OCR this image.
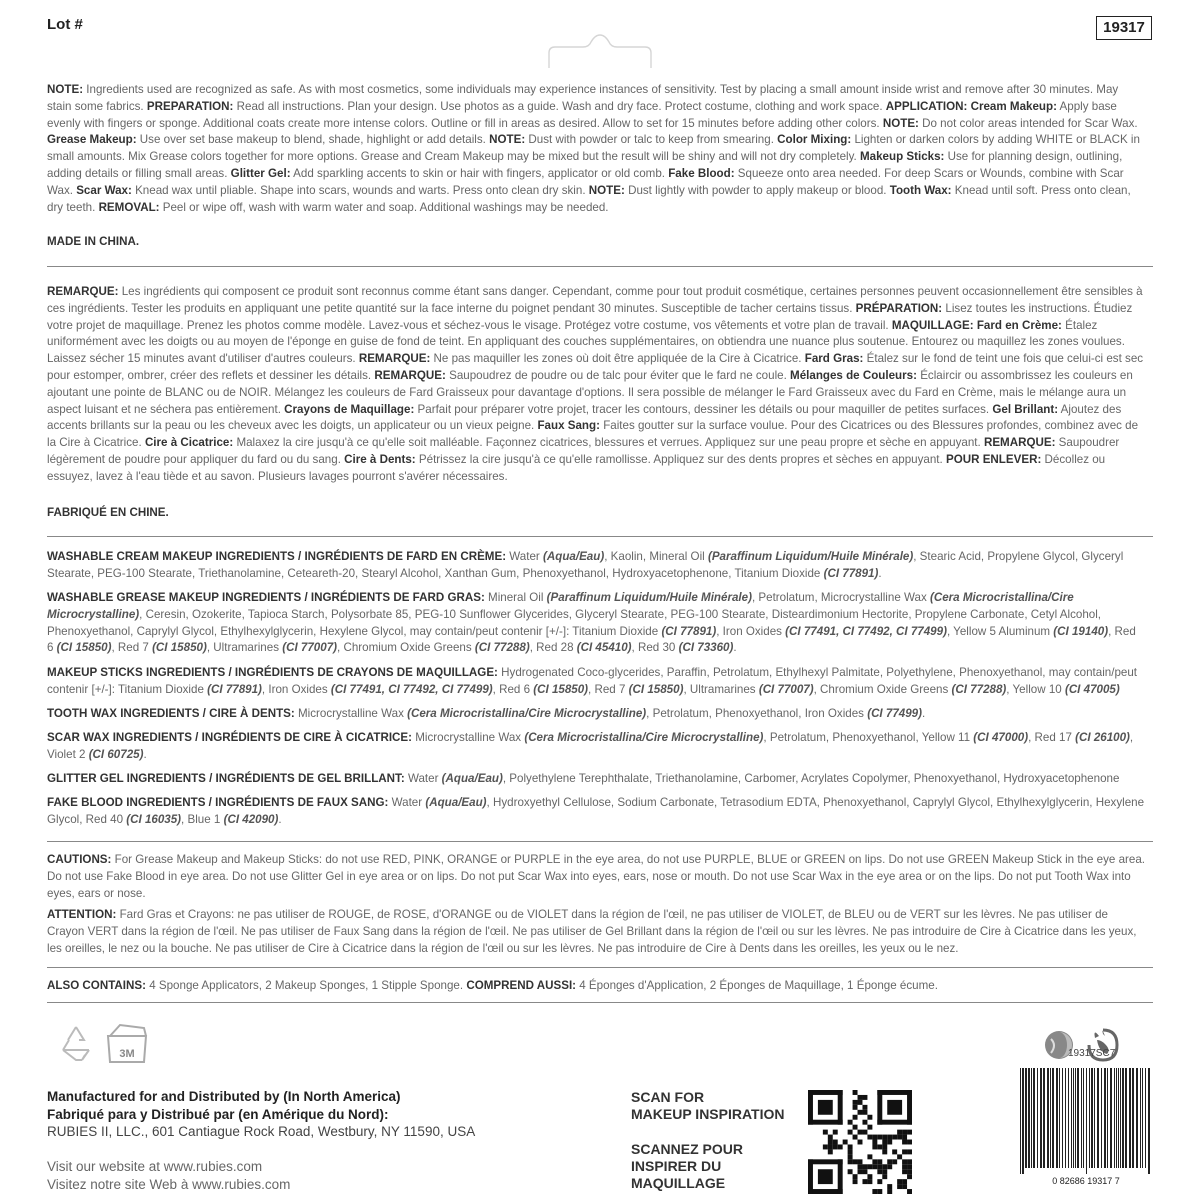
Lot #	19317
NOTE: Ingredients used are recognized as safe. As with most cosmetics, some individuals may experience instances of sensitivity. Test by placing a small amount inside wrist and remove after 30 minutes. May stain some fabrics. PREPARATION: Read all instructions. Plan your design. Use photos as a guide. Wash and dry face. Protect costume, clothing and work space. APPLICATION: Cream Makeup: Apply base evenly with fingers or sponge. Additional coats create more intense colors. Outline or fill in areas as desired. Allow to set for 15 minutes before adding other colors. NOTE: Do not color areas intended for Scar Wax. Grease Makeup: Use over set base makeup to blend, shade, highlight or add details. NOTE: Dust with powder or talc to keep from smearing. Color Mixing: Lighten or darken colors by adding WHITE or BLACK in small amounts. Mix Grease colors together for more options. Grease and Cream Makeup may be mixed but the result will be shiny and will not dry completely. Makeup Sticks: Use for planning design, outlining, adding details or filling small areas. Glitter Gel: Add sparkling accents to skin or hair with fingers, applicator or old comb. Fake Blood: Squeeze onto area needed. For deep Scars or Wounds, combine with Scar Wax. Scar Wax: Knead wax until pliable. Shape into scars, wounds and warts. Press onto clean dry skin. NOTE: Dust lightly with powder to apply makeup or blood. Tooth Wax: Knead until soft. Press onto clean, dry teeth. REMOVAL: Peel or wipe off, wash with warm water and soap. Additional washings may be needed.
MADE IN CHINA.
REMARQUE: Les ingrédients qui composent ce produit sont reconnus comme étant sans danger. Cependant, comme pour tout produit cosmétique, certaines personnes peuvent occasionnellement être sensibles à ces ingrédients. Tester les produits en appliquant une petite quantité sur la face interne du poignet pendant 30 minutes. Susceptible de tacher certains tissus. PRÉPARATION: Lisez toutes les instructions. Étudiez votre projet de maquillage. Prenez les photos comme modèle. Lavez-vous et séchez-vous le visage. Protégez votre costume, vos vêtements et votre plan de travail. MAQUILLAGE: Fard en Crème: Étalez uniformément avec les doigts ou au moyen de l'éponge en guise de fond de teint. En appliquant des couches supplémentaires, on obtiendra une nuance plus soutenue. Entourez ou maquillez les zones voulues. Laissez sécher 15 minutes avant d'utiliser d'autres couleurs. REMARQUE: Ne pas maquiller les zones où doit être appliquée de la Cire à Cicatrice. Fard Gras: Étalez sur le fond de teint une fois que celui-ci est sec pour estomper, ombrer, créer des reflets et dessiner les détails. REMARQUE: Saupoudrez de poudre ou de talc pour éviter que le fard ne coule. Mélanges de Couleurs: Éclaircir ou assombrissez les couleurs en ajoutant une pointe de BLANC ou de NOIR. Mélangez les couleurs de Fard Graisseux pour davantage d'options. Il sera possible de mélanger le Fard Graisseux avec du Fard en Crème, mais le mélange aura un aspect luisant et ne séchera pas entièrement. Crayons de Maquillage: Parfait pour préparer votre projet, tracer les contours, dessiner les détails ou pour maquiller de petites surfaces. Gel Brillant: Ajoutez des accents brillants sur la peau ou les cheveux avec les doigts, un applicateur ou un vieux peigne. Faux Sang: Faites goutter sur la surface voulue. Pour des Cicatrices ou des Blessures profondes, combinez avec de la Cire à Cicatrice. Cire à Cicatrice: Malaxez la cire jusqu'à ce qu'elle soit malléable. Façonnez cicatrices, blessures et verrues. Appliquez sur une peau propre et sèche en appuyant. REMARQUE: Saupoudrer légèrement de poudre pour appliquer du fard ou du sang. Cire à Dents: Pétrissez la cire jusqu'à ce qu'elle ramollisse. Appliquez sur des dents propres et sèches en appuyant. POUR ENLEVER: Décollez ou essuyez, lavez à l'eau tiède et au savon. Plusieurs lavages pourront s'avérer nécessaires.
FABRIQUÉ EN CHINE.
WASHABLE CREAM MAKEUP INGREDIENTS / INGRÉDIENTS DE FARD EN CRÈME: Water (Aqua/Eau), Kaolin, Mineral Oil (Paraffinum Liquidum/Huile Minérale), Stearic Acid, Propylene Glycol, Glyceryl Stearate, PEG-100 Stearate, Triethanolamine, Ceteareth-20, Stearyl Alcohol, Xanthan Gum, Phenoxyethanol, Hydroxyacetophenone, Titanium Dioxide (CI 77891).
WASHABLE GREASE MAKEUP INGREDIENTS / INGRÉDIENTS DE FARD GRAS: Mineral Oil (Paraffinum Liquidum/Huile Minérale), Petrolatum, Microcrystalline Wax (Cera Microcristallina/Cire Microcrystalline), Ceresin, Ozokerite, Tapioca Starch, Polysorbate 85, PEG-10 Sunflower Glycerides, Glyceryl Stearate, PEG-100 Stearate, Disteardimonium Hectorite, Propylene Carbonate, Cetyl Alcohol, Phenoxyethanol, Caprylyl Glycol, Ethylhexylglycerin, Hexylene Glycol, may contain/peut contenir [+/-]: Titanium Dioxide (CI 77891), Iron Oxides (CI 77491, CI 77492, CI 77499), Yellow 5 Aluminum (CI 19140), Red 6 (CI 15850), Red 7 (CI 15850), Ultramarines (CI 77007), Chromium Oxide Greens (CI 77288), Red 28 (CI 45410), Red 30 (CI 73360).
MAKEUP STICKS INGREDIENTS / INGRÉDIENTS DE CRAYONS DE MAQUILLAGE: Hydrogenated Coco-glycerides, Paraffin, Petrolatum, Ethylhexyl Palmitate, Polyethylene, Phenoxyethanol, may contain/peut contenir [+/-]: Titanium Dioxide (CI 77891), Iron Oxides (CI 77491, CI 77492, CI 77499), Red 6 (CI 15850), Red 7 (CI 15850), Ultramarines (CI 77007), Chromium Oxide Greens (CI 77288), Yellow 10 (CI 47005)
TOOTH WAX INGREDIENTS / CIRE À DENTS: Microcrystalline Wax (Cera Microcristallina/Cire Microcrystalline), Petrolatum, Phenoxyethanol, Iron Oxides (CI 77499).
SCAR WAX INGREDIENTS / INGRÉDIENTS DE CIRE À CICATRICE: Microcrystalline Wax (Cera Microcristallina/Cire Microcrystalline), Petrolatum, Phenoxyethanol, Yellow 11 (CI 47000), Red 17 (CI 26100), Violet 2 (CI 60725).
GLITTER GEL INGREDIENTS / INGRÉDIENTS DE GEL BRILLANT: Water (Aqua/Eau), Polyethylene Terephthalate, Triethanolamine, Carbomer, Acrylates Copolymer, Phenoxyethanol, Hydroxyacetophenone
FAKE BLOOD INGREDIENTS / INGRÉDIENTS DE FAUX SANG: Water (Aqua/Eau), Hydroxyethyl Cellulose, Sodium Carbonate, Tetrasodium EDTA, Phenoxyethanol, Caprylyl Glycol, Ethylhexylglycerin, Hexylene Glycol, Red 40 (CI 16035), Blue 1 (CI 42090).
CAUTIONS: For Grease Makeup and Makeup Sticks: do not use RED, PINK, ORANGE or PURPLE in the eye area, do not use PURPLE, BLUE or GREEN on lips. Do not use GREEN Makeup Stick in the eye area. Do not use Fake Blood in eye area. Do not use Glitter Gel in eye area or on lips. Do not put Scar Wax into eyes, ears, nose or mouth. Do not use Scar Wax in the eye area or on the lips. Do not put Tooth Wax into eyes, ears or nose.
ATTENTION: Fard Gras et Crayons: ne pas utiliser de ROUGE, de ROSE, d'ORANGE ou de VIOLET dans la région de l'œil, ne pas utiliser de VIOLET, de BLEU ou de VERT sur les lèvres. Ne pas utiliser de Crayon VERT dans la région de l'œil. Ne pas utiliser de Faux Sang dans la région de l'œil. Ne pas utiliser de Gel Brillant dans la région de l'œil ou sur les lèvres. Ne pas introduire de Cire à Cicatrice dans les yeux, les oreilles, le nez ou la bouche. Ne pas utiliser de Cire à Cicatrice dans la région de l'œil ou sur les lèvres. Ne pas introduire de Cire à Dents dans les oreilles, les yeux ou le nez.
ALSO CONTAINS: 4 Sponge Applicators, 2 Makeup Sponges, 1 Stipple Sponge. COMPREND AUSSI: 4 Éponges d'Application, 2 Éponges de Maquillage, 1 Éponge écume.
3M
Manufactured for and Distributed by (In North America)
Fabriqué para y Distribué par (en Amérique du Nord):
RUBIES II, LLC., 601 Cantiague Rock Road, Westbury, NY 11590, USA
Visit our website at www.rubies.com
Visitez notre site Web à www.rubies.com
SCAN FOR
MAKEUP INSPIRATION
SCANNEZ POUR
INSPIRER DU
MAQUILLAGE
19317SC7
0 82686 19317 7
